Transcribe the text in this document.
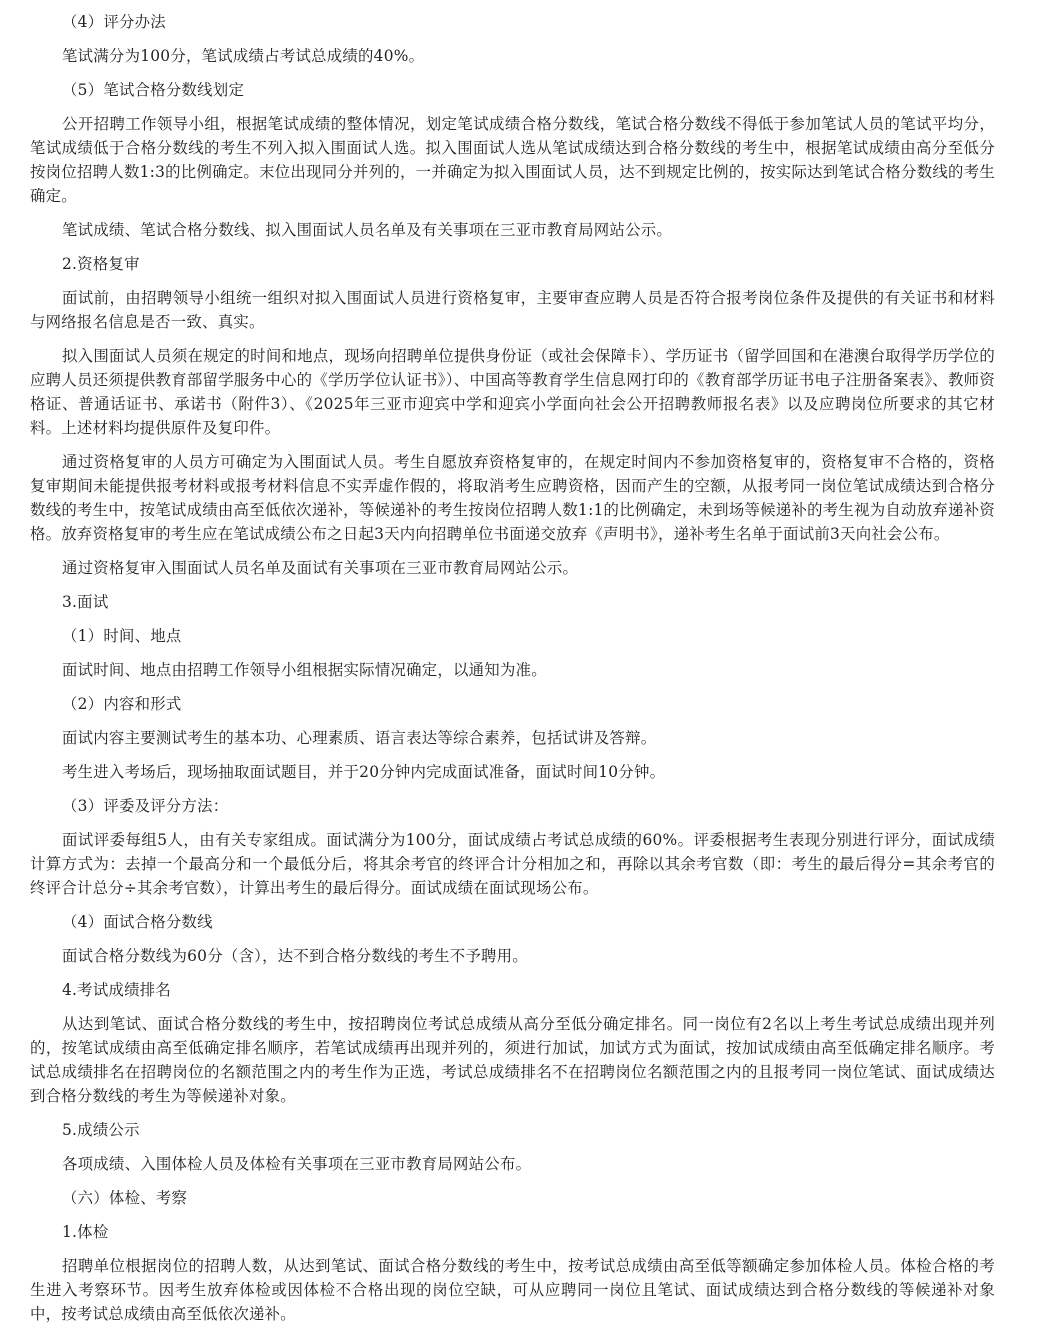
（4）评分办法

笔试满分为100分，笔试成绩占考试总成绩的40%。

（5）笔试合格分数线划定

公开招聘工作领导小组，根据笔试成绩的整体情况，划定笔试成绩合格分数线，笔试合格分数线不得低于参加笔试人员的笔试平均分，笔试成绩低于合格分数线的考生不列入拟入围面试人选。拟入围面试人选从笔试成绩达到合格分数线的考生中，根据笔试成绩由高分至低分按岗位招聘人数1:3的比例确定。末位出现同分并列的，一并确定为拟入围面试人员，达不到规定比例的，按实际达到笔试合格分数线的考生确定。

笔试成绩、笔试合格分数线、拟入围面试人员名单及有关事项在三亚市教育局网站公示。

2.资格复审

面试前，由招聘领导小组统一组织对拟入围面试人员进行资格复审，主要审查应聘人员是否符合报考岗位条件及提供的有关证书和材料与网络报名信息是否一致、真实。

拟入围面试人员须在规定的时间和地点，现场向招聘单位提供身份证（或社会保障卡）、学历证书（留学回国和在港澳台取得学历学位的应聘人员还须提供教育部留学服务中心的《学历学位认证书》）、中国高等教育学生信息网打印的《教育部学历证书电子注册备案表》、教师资格证、普通话证书、承诺书（附件3）、《2025年三亚市迎宾中学和迎宾小学面向社会公开招聘教师报名表》以及应聘岗位所要求的其它材料。上述材料均提供原件及复印件。

通过资格复审的人员方可确定为入围面试人员。考生自愿放弃资格复审的，在规定时间内不参加资格复审的，资格复审不合格的，资格复审期间未能提供报考材料或报考材料信息不实弄虚作假的，将取消考生应聘资格，因而产生的空额，从报考同一岗位笔试成绩达到合格分数线的考生中，按笔试成绩由高至低依次递补，等候递补的考生按岗位招聘人数1:1的比例确定，未到场等候递补的考生视为自动放弃递补资格。放弃资格复审的考生应在笔试成绩公布之日起3天内向招聘单位书面递交放弃《声明书》，递补考生名单于面试前3天向社会公布。

通过资格复审入围面试人员名单及面试有关事项在三亚市教育局网站公示。

3.面试

（1）时间、地点

面试时间、地点由招聘工作领导小组根据实际情况确定，以通知为准。

（2）内容和形式

面试内容主要测试考生的基本功、心理素质、语言表达等综合素养，包括试讲及答辩。

考生进入考场后，现场抽取面试题目，并于20分钟内完成面试准备，面试时间10分钟。

（3）评委及评分方法：

面试评委每组5人，由有关专家组成。面试满分为100分，面试成绩占考试总成绩的60%。评委根据考生表现分别进行评分，面试成绩计算方式为：去掉一个最高分和一个最低分后，将其余考官的终评合计分相加之和，再除以其余考官数（即：考生的最后得分=其余考官的终评合计总分÷其余考官数），计算出考生的最后得分。面试成绩在面试现场公布。

（4）面试合格分数线

面试合格分数线为60分（含），达不到合格分数线的考生不予聘用。

4.考试成绩排名

从达到笔试、面试合格分数线的考生中，按招聘岗位考试总成绩从高分至低分确定排名。同一岗位有2名以上考生考试总成绩出现并列的，按笔试成绩由高至低确定排名顺序，若笔试成绩再出现并列的，须进行加试，加试方式为面试，按加试成绩由高至低确定排名顺序。考试总成绩排名在招聘岗位的名额范围之内的考生作为正选，考试总成绩排名不在招聘岗位名额范围之内的且报考同一岗位笔试、面试成绩达到合格分数线的考生为等候递补对象。

5.成绩公示

各项成绩、入围体检人员及体检有关事项在三亚市教育局网站公布。

（六）体检、考察

1.体检

招聘单位根据岗位的招聘人数，从达到笔试、面试合格分数线的考生中，按考试总成绩由高至低等额确定参加体检人员。体检合格的考生进入考察环节。因考生放弃体检或因体检不合格出现的岗位空缺，可从应聘同一岗位且笔试、面试成绩达到合格分数线的等候递补对象中，按考试总成绩由高至低依次递补。
